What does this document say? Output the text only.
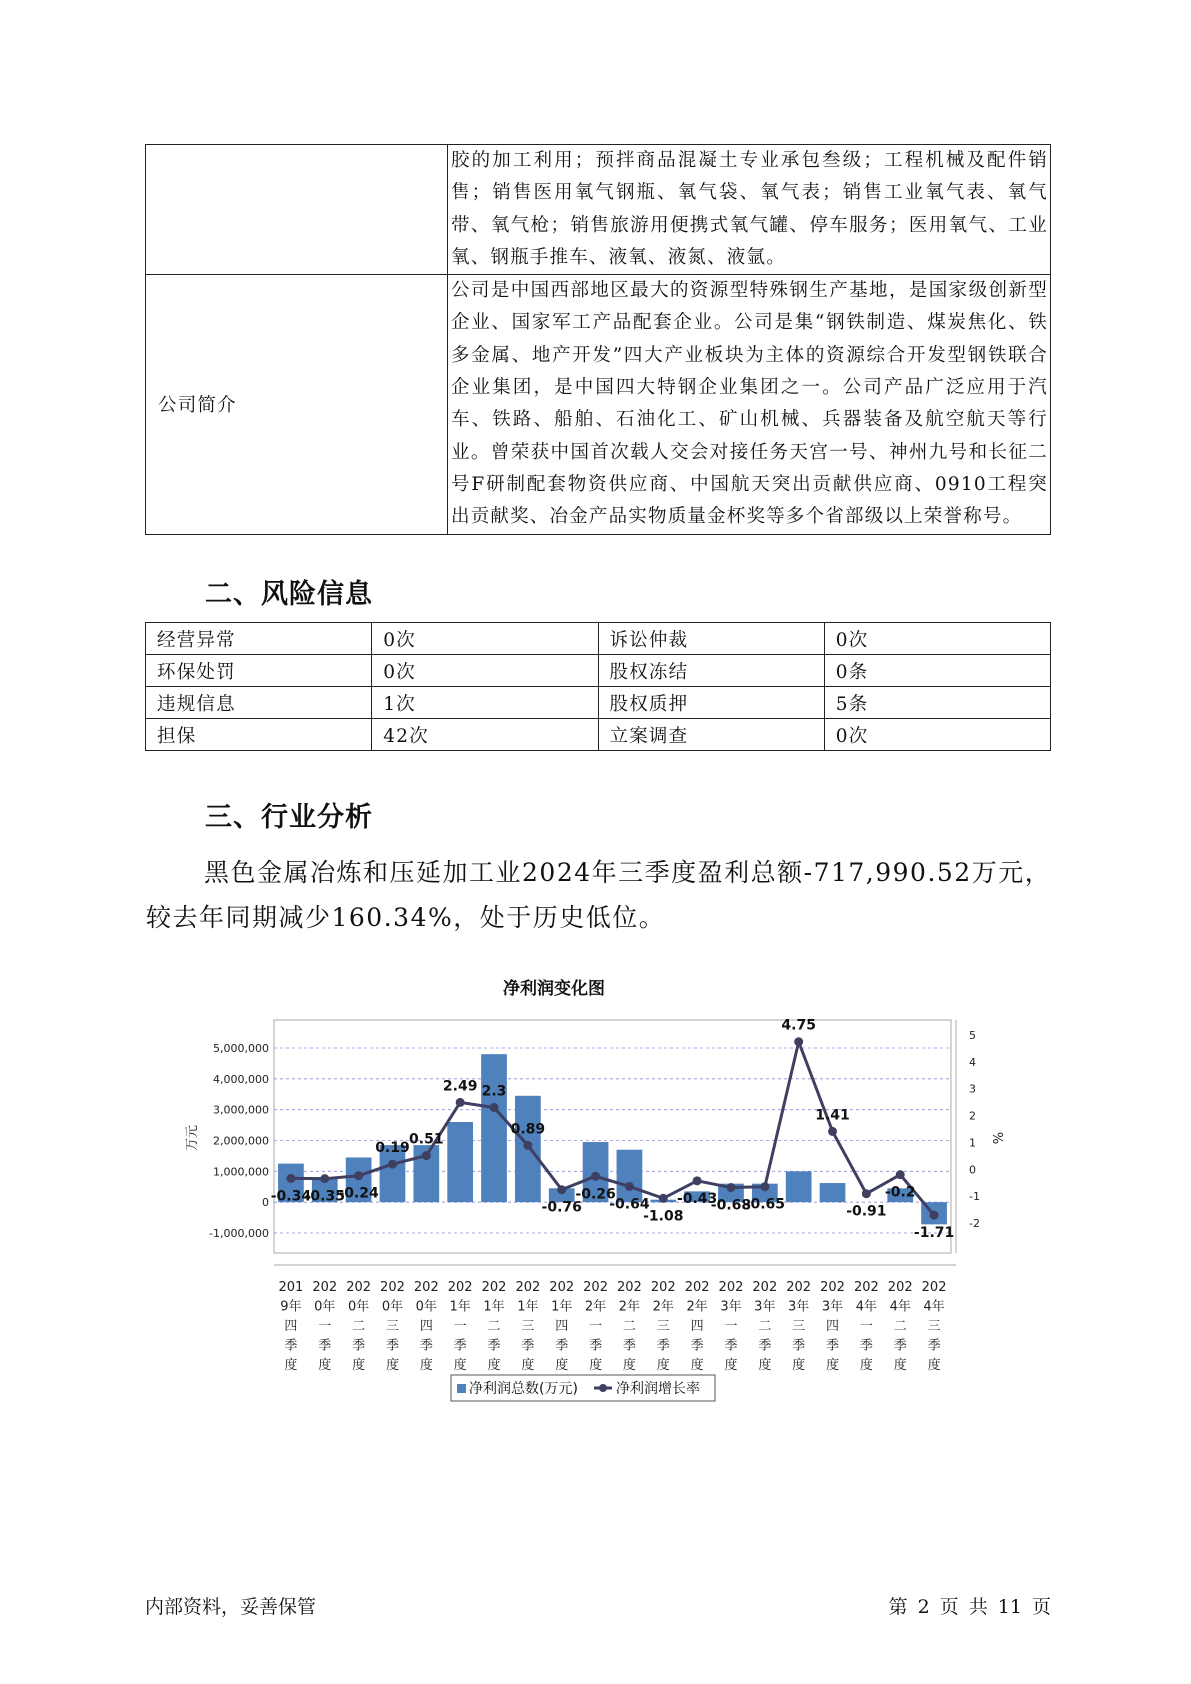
	胶的加工利用；预拌商品混凝土专业承包叁级；工程机械及配件销售；销售医用氧气钢瓶、氧气袋、氧气表；销售工业氧气表、氧气带、氧气枪；销售旅游用便携式氧气罐、停车服务；医用氧气、工业氧、钢瓶手推车、液氧、液氮、液氩。
公司简介	公司是中国西部地区最大的资源型特殊钢生产基地，是国家级创新型企业、国家军工产品配套企业。公司是集“钢铁制造、煤炭焦化、铁多金属、地产开发”四大产业板块为主体的资源综合开发型钢铁联合企业集团，是中国四大特钢企业集团之一。公司产品广泛应用于汽车、铁路、船舶、石油化工、矿山机械、兵器装备及航空航天等行业。曾荣获中国首次载人交会对接任务天宫一号、神州九号和长征二号F研制配套物资供应商、中国航天突出贡献供应商、0910工程突出贡献奖、冶金产品实物质量金杯奖等多个省部级以上荣誉称号。
二、风险信息
经营异常	0次	诉讼仲裁	0次
环保处罚	0次	股权冻结	0条
违规信息	1次	股权质押	5条
担保	42次	立案调查	0次
三、行业分析

黑色金属冶炼和压延加工业2024年三季度盈利总额-717,990.52万元，较去年同期减少160.34%，处于历史低位。

净利润变化图
5,000,000
4,000,000
3,000,000
2,000,000
1,000,000
0
-1,000,000
5
4
3
2
1
0
-1
-2
万元	%
-0.34
-0.35
-0.24
0.19
0.51
2.49 2.3
0.89
-0.76
-0.26
-0.64
-1.08
-0.43
-0.68
-0.65
4.75
1.41
-0.91
-0.2
-1.71
201
9年
四
季
度
202
0年
一
季
度
202
0年
二
季
度
202
0年
三
季
度
202
0年
四
季
度
202
1年
一
季
度
202
1年
二
季
度
202
1年
三
季
度
202
1年
四
季
度
202
2年
一
季
度
202
2年
二
季
度
202
2年
三
季
度
202
2年
四
季
度
202
3年
一
季
度
202
3年
二
季
度
202
3年
三
季
度
202
3年
四
季
度
202
4年
一
季
度
202
4年
二
季
度
202
4年
三
季
度
净利润总数(万元)	净利润增长率
内部资料，妥善保管	第 2 页 共 11 页
